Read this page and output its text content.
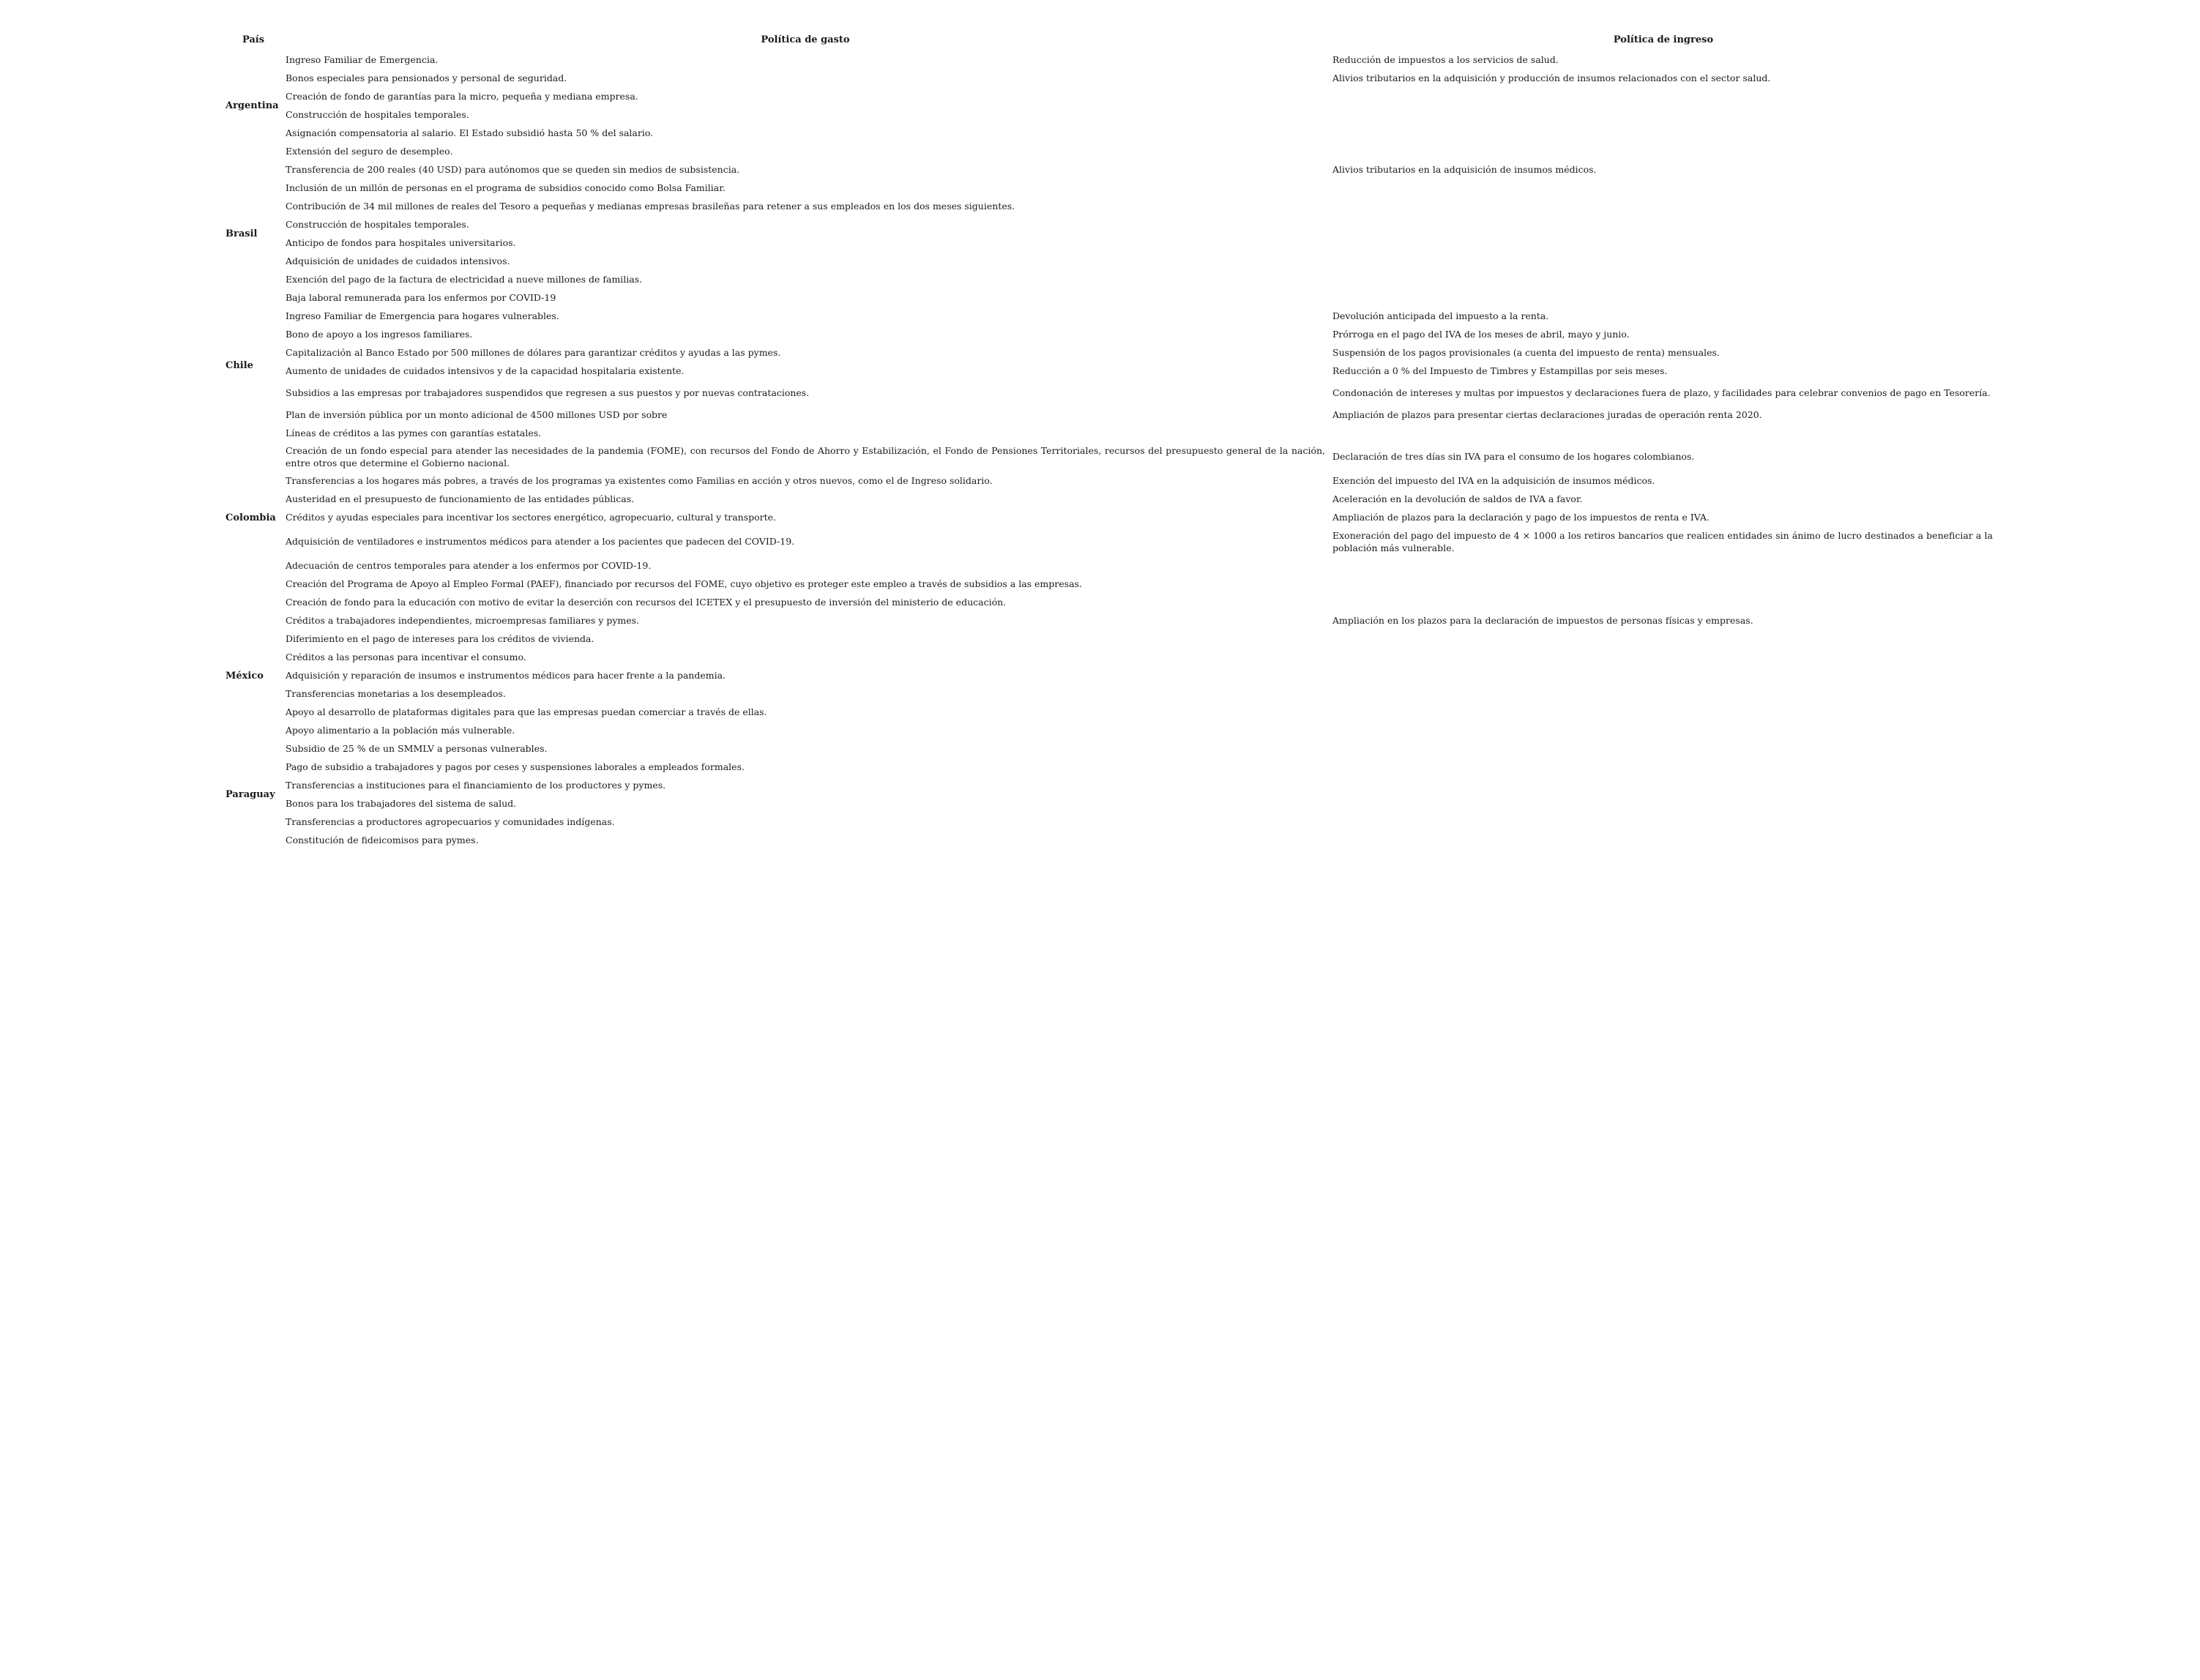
País	Política de gasto	Política de ingreso
Argentina	Ingreso Familiar de Emergencia.	Reducción de impuestos a los servicios de salud.
	Bonos especiales para pensionados y personal de seguridad.	Alivios tributarios en la adquisición y producción de insumos relacionados con el sector salud.
	Creación de fondo de garantías para la micro, pequeña y mediana empresa.	
	Construcción de hospitales temporales.	
	Asignación compensatoria al salario. El Estado subsidió hasta 50 % del salario.	
	Extensión del seguro de desempleo.	
Brasil	Transferencia de 200 reales (40 USD) para autónomos que se queden sin medios de subsistencia.	Alivios tributarios en la adquisición de insumos médicos.
	Inclusión de un millón de personas en el programa de subsidios conocido como Bolsa Familiar.	
	Contribución de 34 mil millones de reales del Tesoro a pequeñas y medianas empresas brasileñas para retener a sus empleados en los dos meses siguientes.	
	Construcción de hospitales temporales.	
	Anticipo de fondos para hospitales universitarios.	
	Adquisición de unidades de cuidados intensivos.	
	Exención del pago de la factura de electricidad a nueve millones de familias.	
	Baja laboral remunerada para los enfermos por COVID-19	
Chile	Ingreso Familiar de Emergencia para hogares vulnerables.	Devolución anticipada del impuesto a la renta.
	Bono de apoyo a los ingresos familiares.	Prórroga en el pago del IVA de los meses de abril, mayo y junio.
	Capitalización al Banco Estado por 500 millones de dólares para garantizar créditos y ayudas a las pymes.	Suspensión de los pagos provisionales (a cuenta del impuesto de renta) mensuales.
	Aumento de unidades de cuidados intensivos y de la capacidad hospitalaria existente.	Reducción a 0 % del Impuesto de Timbres y Estampillas por seis meses.
	Subsidios a las empresas por trabajadores suspendidos que regresen a sus puestos y por nuevas contrataciones.	Condonación de intereses y multas por impuestos y declaraciones fuera de plazo, y facilidades para celebrar convenios de pago en Tesorería.
	Plan de inversión pública por un monto adicional de 4500 millones USD por sobre	Ampliación de plazos para presentar ciertas declaraciones juradas de operación renta 2020.
Colombia	Líneas de créditos a las pymes con garantías estatales.	
	Creación de un fondo especial para atender las necesidades de la pandemia (FOME), con recursos del Fondo de Ahorro y Estabilización, el Fondo de Pensiones Territoriales, recursos del presupuesto general de la nación, entre otros que determine el Gobierno nacional.	Declaración de tres días sin IVA para el consumo de los hogares colombianos.
	Transferencias a los hogares más pobres, a través de los programas ya existentes como Familias en acción y otros nuevos, como el de Ingreso solidario.	Exención del impuesto del IVA en la adquisición de insumos médicos.
	Austeridad en el presupuesto de funcionamiento de las entidades públicas.	Aceleración en la devolución de saldos de IVA a favor.
	Créditos y ayudas especiales para incentivar los sectores energético, agropecuario, cultural y transporte.	Ampliación de plazos para la declaración y pago de los impuestos de renta e IVA.
	Adquisición de ventiladores e instrumentos médicos para atender a los pacientes que padecen del COVID-19.	Exoneración del pago del impuesto de 4 × 1000 a los retiros bancarios que realicen entidades sin ánimo de lucro destinados a beneficiar a la población más vulnerable.
	Adecuación de centros temporales para atender a los enfermos por COVID-19.	
	Creación del Programa de Apoyo al Empleo Formal (PAEF), financiado por recursos del FOME, cuyo objetivo es proteger este empleo a través de subsidios a las empresas.	
	Creación de fondo para la educación con motivo de evitar la deserción con recursos del ICETEX y el presupuesto de inversión del ministerio de educación.	
México	Créditos a trabajadores independientes, microempresas familiares y pymes.	Ampliación en los plazos para la declaración de impuestos de personas físicas y empresas.
	Diferimiento en el pago de intereses para los créditos de vivienda.	
	Créditos a las personas para incentivar el consumo.	
	Adquisición y reparación de insumos e instrumentos médicos para hacer frente a la pandemia.	
	Transferencias monetarias a los desempleados.	
	Apoyo al desarrollo de plataformas digitales para que las empresas puedan comerciar a través de ellas.	
	Apoyo alimentario a la población más vulnerable.	
Paraguay	Subsidio de 25 % de un SMMLV a personas vulnerables.	
	Pago de subsidio a trabajadores y pagos por ceses y suspensiones laborales a empleados formales.	
	Transferencias a instituciones para el financiamiento de los productores y pymes.	
	Bonos para los trabajadores del sistema de salud.	
	Transferencias a productores agropecuarios y comunidades indígenas.	
	Constitución de fideicomisos para pymes.	
